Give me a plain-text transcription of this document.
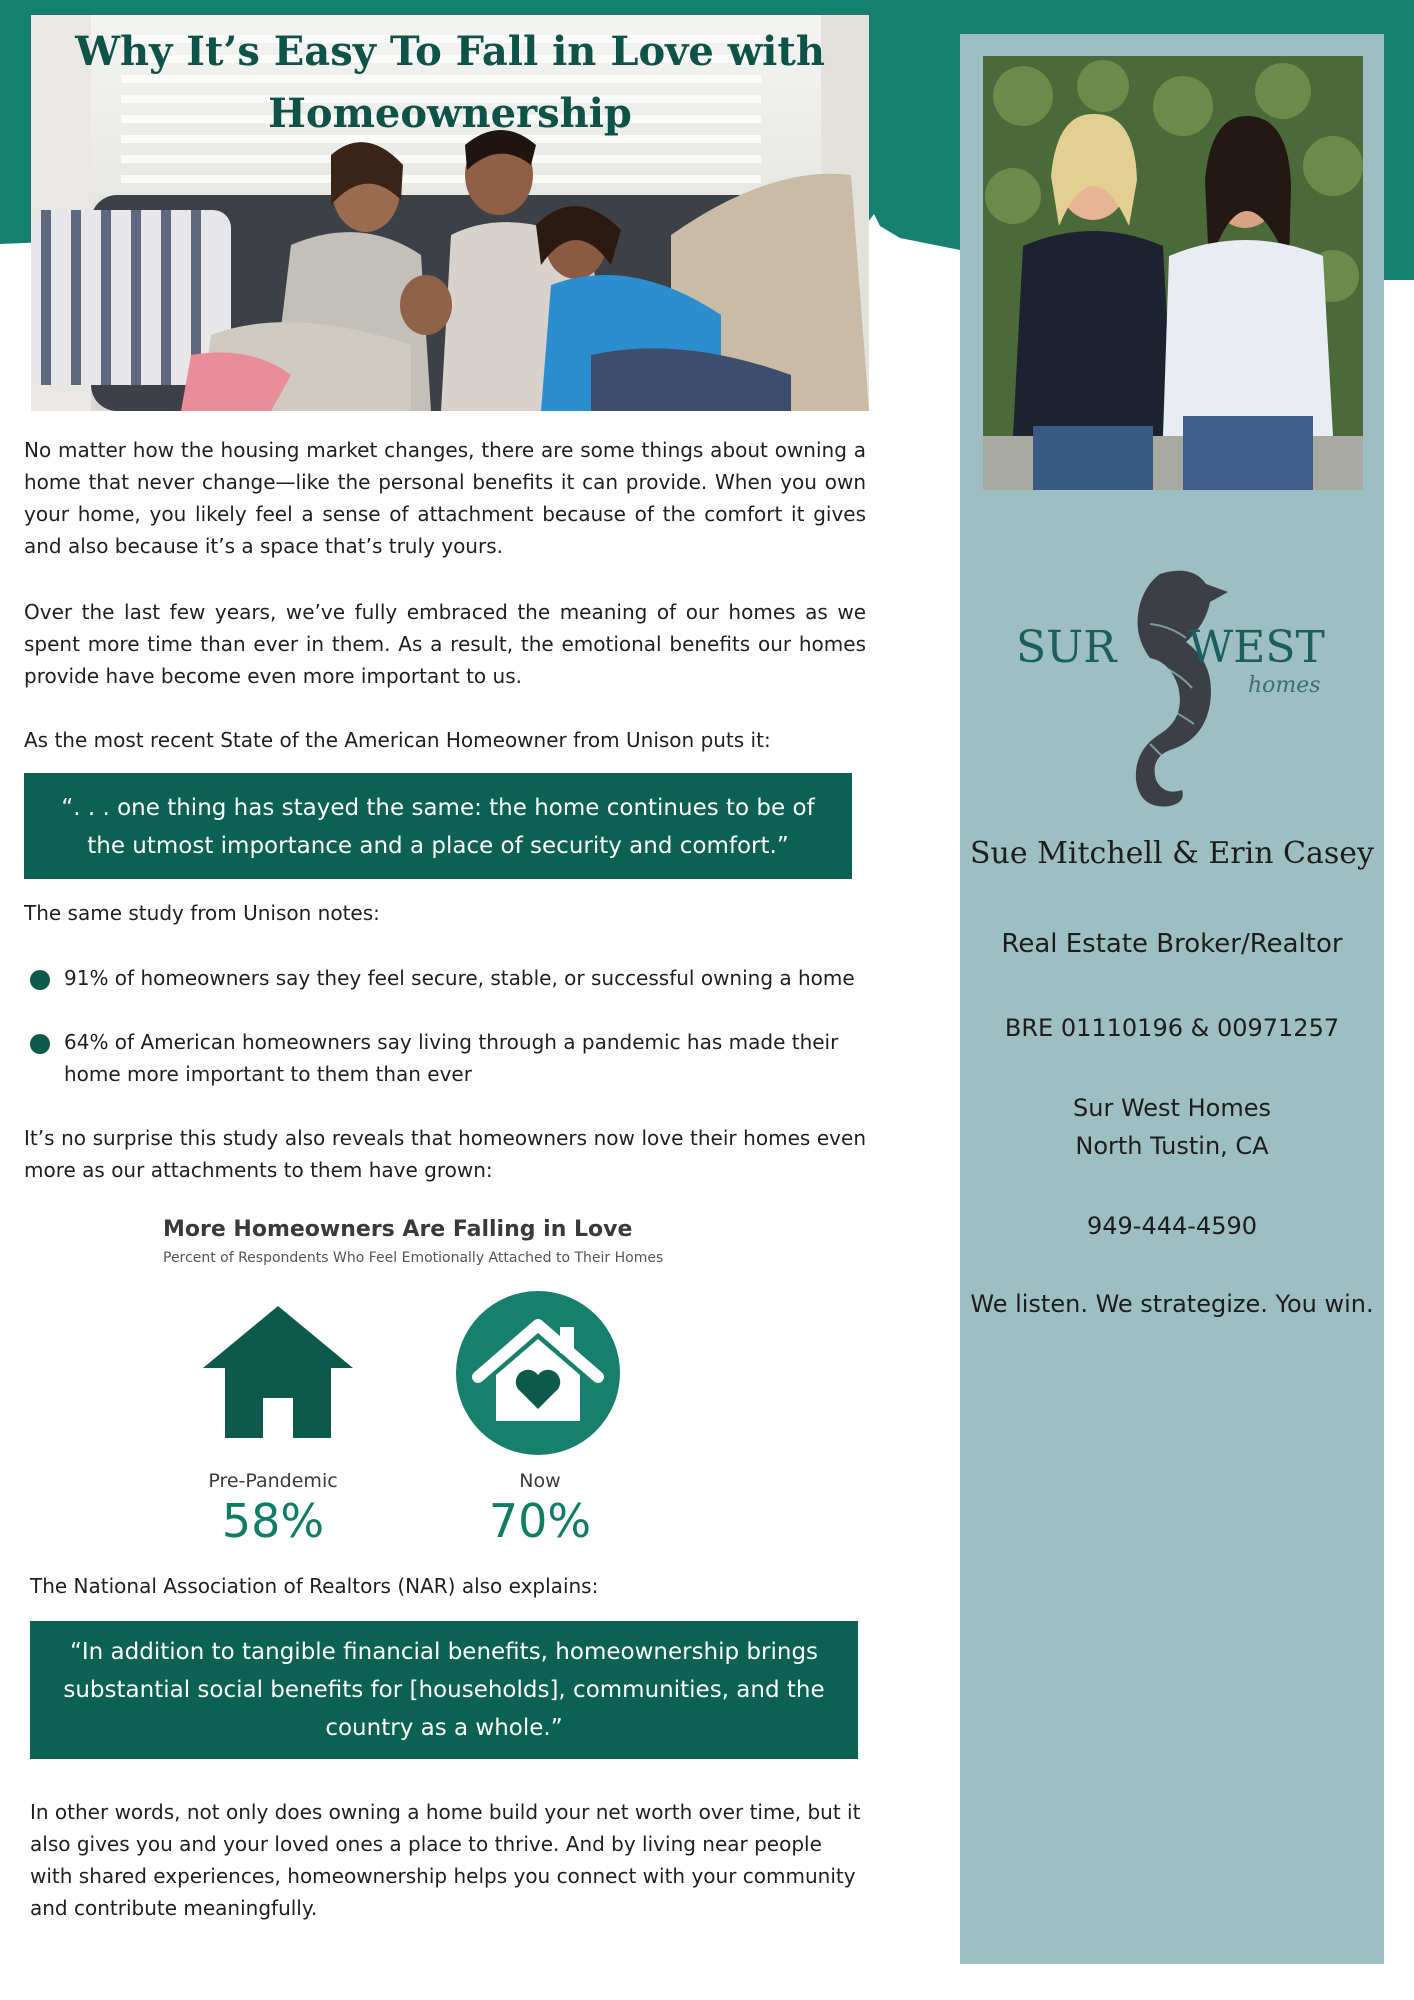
Why It’s Easy To Fall in Love with
Homeownership
No matter how the housing market changes, there are some things about owning a home that never change—like the personal benefits it can provide. When you own your home, you likely feel a sense of attachment because of the comfort it gives and also because it’s a space that’s truly yours.
Over the last few years, we’ve fully embraced the meaning of our homes as we spent more time than ever in them. As a result, the emotional benefits our homes provide have become even more important to us.
As the most recent State of the American Homeowner from Unison puts it:
“. . . one thing has stayed the same: the home continues to be of the utmost importance and a place of security and comfort.”
The same study from Unison notes:
91% of homeowners say they feel secure, stable, or successful owning a home
64% of American homeowners say living through a pandemic has made their home more important to them than ever
It’s no surprise this study also reveals that homeowners now love their homes even more as our attachments to them have grown:
More Homeowners Are Falling in Love
Percent of Respondents Who Feel Emotionally Attached to Their Homes
Pre-Pandemic
58%
Now
70%
The National Association of Realtors (NAR) also explains:
“In addition to tangible financial benefits, homeownership brings substantial social benefits for [households], communities, and the country as a whole.”
In other words, not only does owning a home build your net worth over time, but it also gives you and your loved ones a place to thrive. And by living near people with shared experiences, homeownership helps you connect with your community and contribute meaningfully.
SUR WEST
homes
Sue Mitchell & Erin Casey
Real Estate Broker/Realtor
BRE 01110196 & 00971257
Sur West Homes
North Tustin, CA
949-444-4590
We listen. We strategize. You win.
